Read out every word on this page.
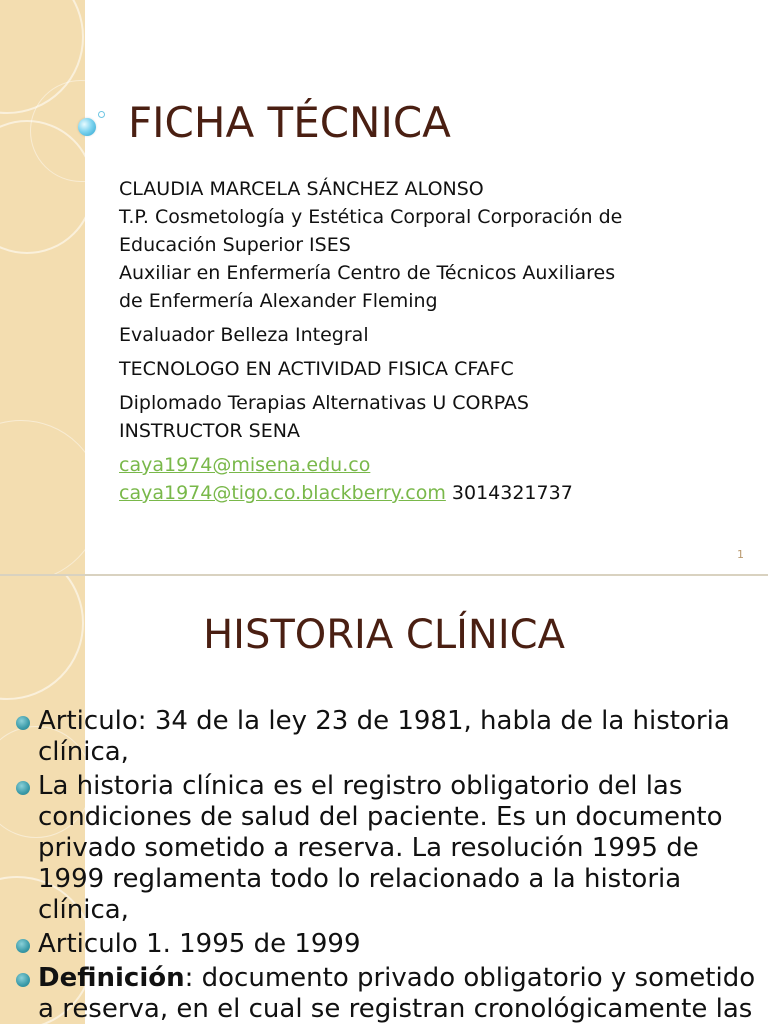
FICHA TÉCNICA
CLAUDIA MARCELA SÁNCHEZ ALONSO
T.P. Cosmetología y Estética Corporal Corporación de
Educación Superior ISES
Auxiliar en Enfermería Centro de Técnicos Auxiliares
de Enfermería Alexander Fleming
Evaluador Belleza Integral
TECNOLOGO EN ACTIVIDAD FISICA CFAFC
Diplomado Terapias Alternativas U CORPAS
INSTRUCTOR SENA
caya1974@misena.edu.co
caya1974@tigo.co.blackberry.com 3014321737
1
HISTORIA CLÍNICA
Articulo: 34 de la ley 23 de 1981, habla de la historia clínica,
La historia clínica es el registro obligatorio del las condiciones de salud del paciente. Es un documento privado sometido a reserva. La resolución 1995 de 1999 reglamenta todo lo relacionado a la historia clínica,
Articulo 1. 1995 de 1999
Definición: documento privado obligatorio y sometido a reserva, en el cual se registran cronológicamente las
